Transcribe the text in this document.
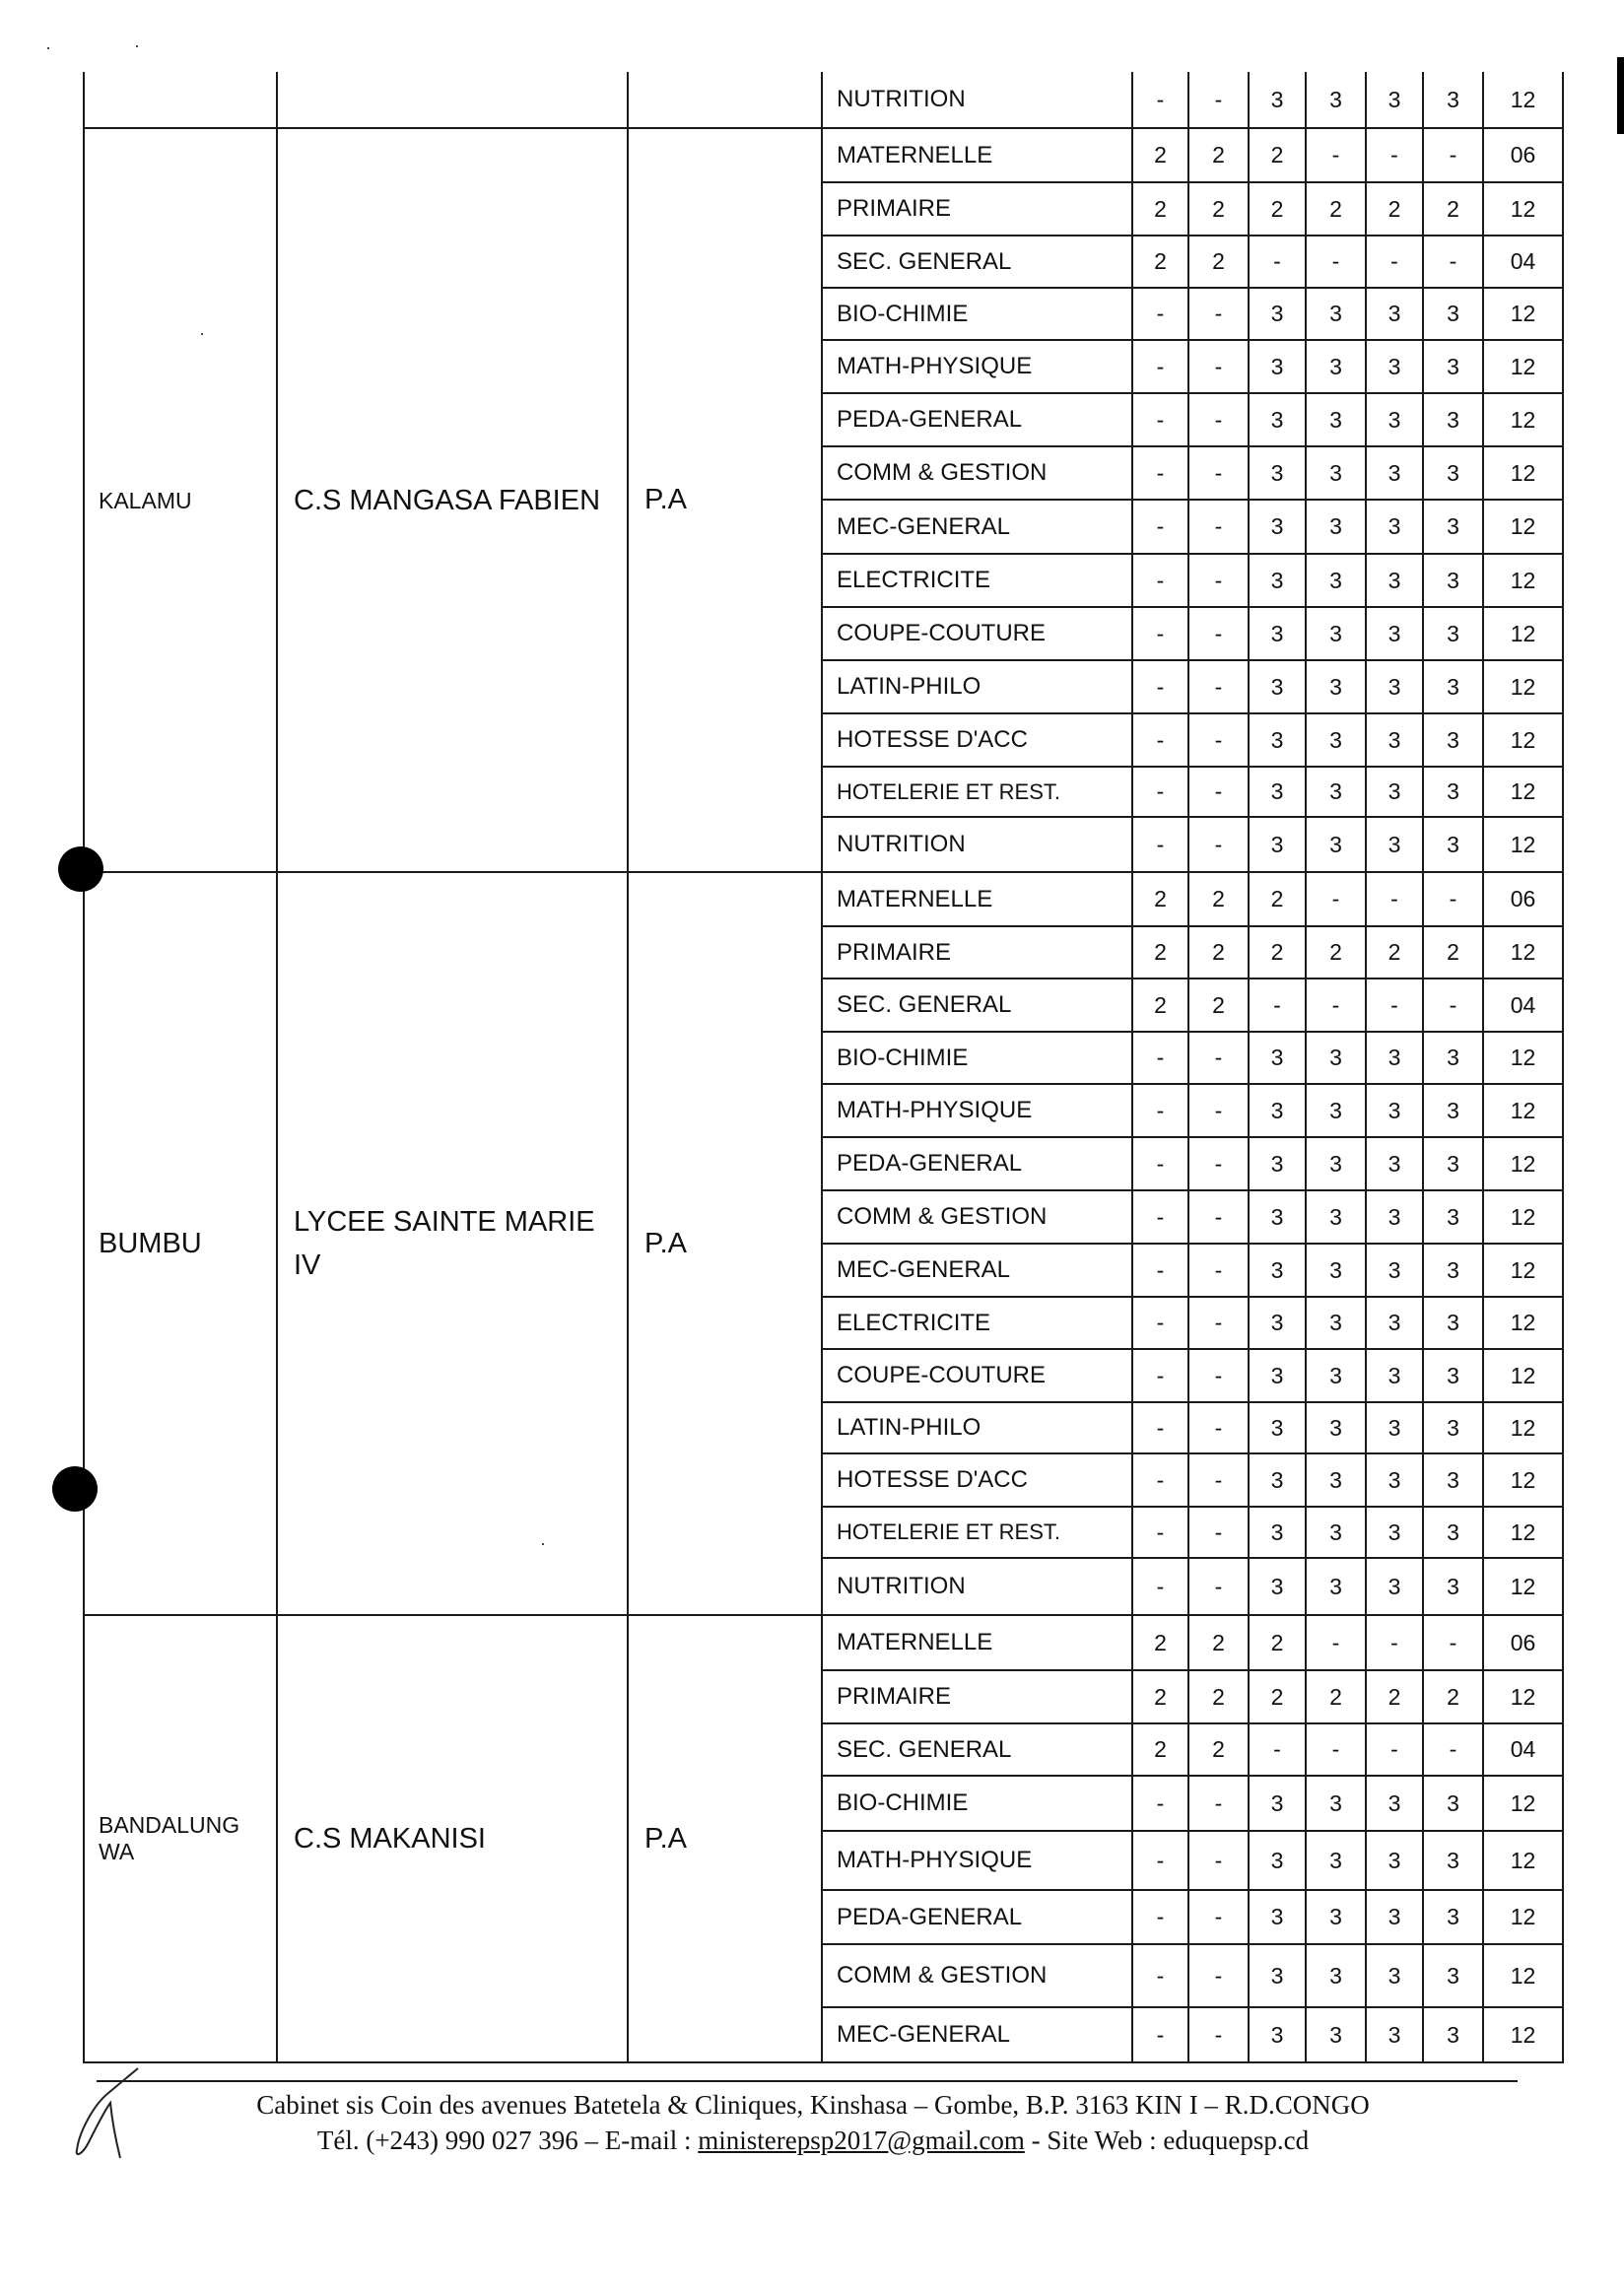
			NUTRITION	-	-	3	3	3	3	12
KALAMU	C.S MANGASA FABIEN	P.A	MATERNELLE	2	2	2	-	-	-	06
			PRIMAIRE	2	2	2	2	2	2	12
			SEC. GENERAL	2	2	-	-	-	-	04
			BIO-CHIMIE	-	-	3	3	3	3	12
			MATH-PHYSIQUE	-	-	3	3	3	3	12
			PEDA-GENERAL	-	-	3	3	3	3	12
			COMM & GESTION	-	-	3	3	3	3	12
			MEC-GENERAL	-	-	3	3	3	3	12
			ELECTRICITE	-	-	3	3	3	3	12
			COUPE-COUTURE	-	-	3	3	3	3	12
			LATIN-PHILO	-	-	3	3	3	3	12
			HOTESSE D'ACC	-	-	3	3	3	3	12
			HOTELERIE ET REST.	-	-	3	3	3	3	12
			NUTRITION	-	-	3	3	3	3	12
BUMBU	LYCEE SAINTE MARIE IV	P.A	MATERNELLE	2	2	2	-	-	-	06
			PRIMAIRE	2	2	2	2	2	2	12
			SEC. GENERAL	2	2	-	-	-	-	04
			BIO-CHIMIE	-	-	3	3	3	3	12
			MATH-PHYSIQUE	-	-	3	3	3	3	12
			PEDA-GENERAL	-	-	3	3	3	3	12
			COMM & GESTION	-	-	3	3	3	3	12
			MEC-GENERAL	-	-	3	3	3	3	12
			ELECTRICITE	-	-	3	3	3	3	12
			COUPE-COUTURE	-	-	3	3	3	3	12
			LATIN-PHILO	-	-	3	3	3	3	12
			HOTESSE D'ACC	-	-	3	3	3	3	12
			HOTELERIE ET REST.	-	-	3	3	3	3	12
			NUTRITION	-	-	3	3	3	3	12
BANDALUNG WA	C.S MAKANISI	P.A	MATERNELLE	2	2	2	-	-	-	06
			PRIMAIRE	2	2	2	2	2	2	12
			SEC. GENERAL	2	2	-	-	-	-	04
			BIO-CHIMIE	-	-	3	3	3	3	12
			MATH-PHYSIQUE	-	-	3	3	3	3	12
			PEDA-GENERAL	-	-	3	3	3	3	12
			COMM & GESTION	-	-	3	3	3	3	12
			MEC-GENERAL	-	-	3	3	3	3	12
Cabinet sis Coin des avenues Batetela & Cliniques, Kinshasa – Gombe, B.P. 3163 KIN I – R.D.CONGO
Tél. (+243) 990 027 396 – E-mail : ministerepsp2017@gmail.com - Site Web : eduquepsp.cd
